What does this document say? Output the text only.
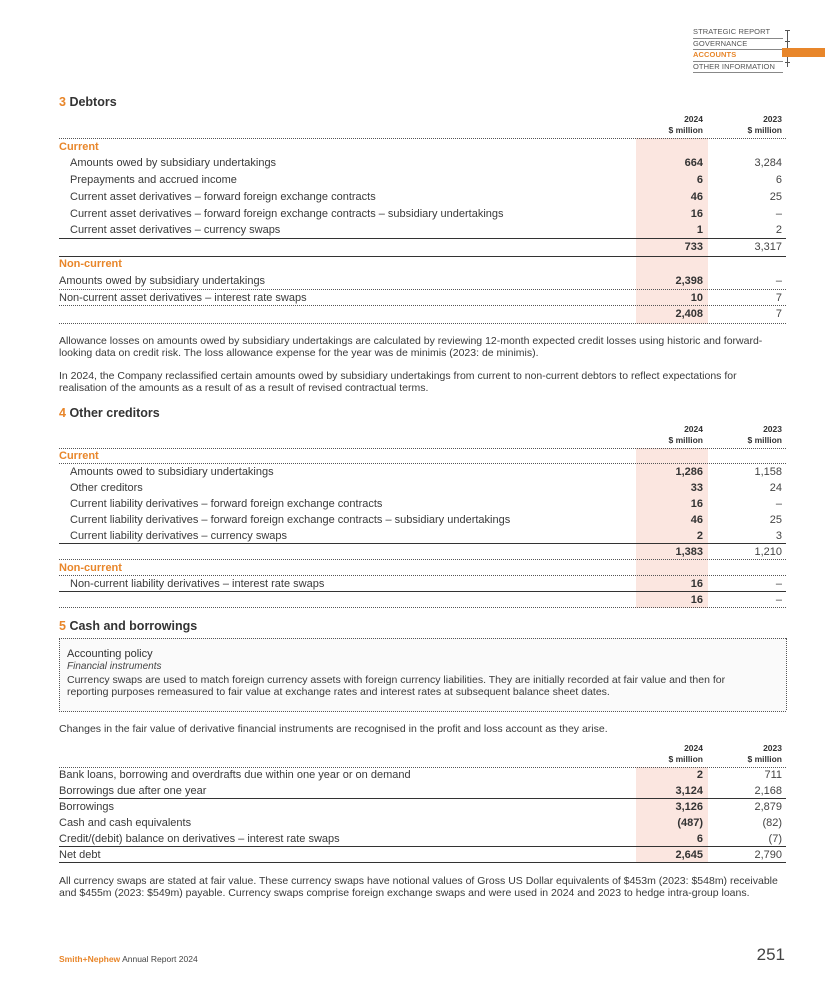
STRATEGIC REPORT
GOVERNANCE
ACCOUNTS
OTHER INFORMATION
3 Debtors
2024
$ million
2023
$ million
Current
Amounts owed by subsidiary undertakings	664	3,284
Prepayments and accrued income	6	6
Current asset derivatives – forward foreign exchange contracts	46	25
Current asset derivatives – forward foreign exchange contracts – subsidiary undertakings	16	–
Current asset derivatives – currency swaps	1	2
733	3,317
Non-current
Amounts owed by subsidiary undertakings	2,398	–
Non-current asset derivatives – interest rate swaps	10	7
2,408	7
Allowance losses on amounts owed by subsidiary undertakings are calculated by reviewing 12-month expected credit losses using historic and forward-looking data on credit risk. The loss allowance expense for the year was de minimis (2023: de minimis).
In 2024, the Company reclassified certain amounts owed by subsidiary undertakings from current to non-current debtors to reflect expectations for realisation of the amounts as a result of as a result of revised contractual terms.
4 Other creditors
2024
$ million
2023
$ million
Current
Amounts owed to subsidiary undertakings	1,286	1,158
Other creditors	33	24
Current liability derivatives – forward foreign exchange contracts	16	–
Current liability derivatives – forward foreign exchange contracts – subsidiary undertakings	46	25
Current liability derivatives – currency swaps	2	3
1,383	1,210
Non-current
Non-current liability derivatives – interest rate swaps	16	–
16	–
5 Cash and borrowings
Accounting policy
Financial instruments
Currency swaps are used to match foreign currency assets with foreign currency liabilities. They are initially recorded at fair value and then for reporting purposes remeasured to fair value at exchange rates and interest rates at subsequent balance sheet dates.
Changes in the fair value of derivative financial instruments are recognised in the profit and loss account as they arise.
2024
$ million
2023
$ million
Bank loans, borrowing and overdrafts due within one year or on demand	2	711
Borrowings due after one year	3,124	2,168
Borrowings	3,126	2,879
Cash and cash equivalents	(487)	(82)
Credit/(debit) balance on derivatives – interest rate swaps	6	(7)
Net debt	2,645	2,790
All currency swaps are stated at fair value. These currency swaps have notional values of Gross US Dollar equivalents of $453m (2023: $548m) receivable and $455m (2023: $549m) payable. Currency swaps comprise foreign exchange swaps and were used in 2024 and 2023 to hedge intra-group loans.
Smith+Nephew Annual Report 2024	251
